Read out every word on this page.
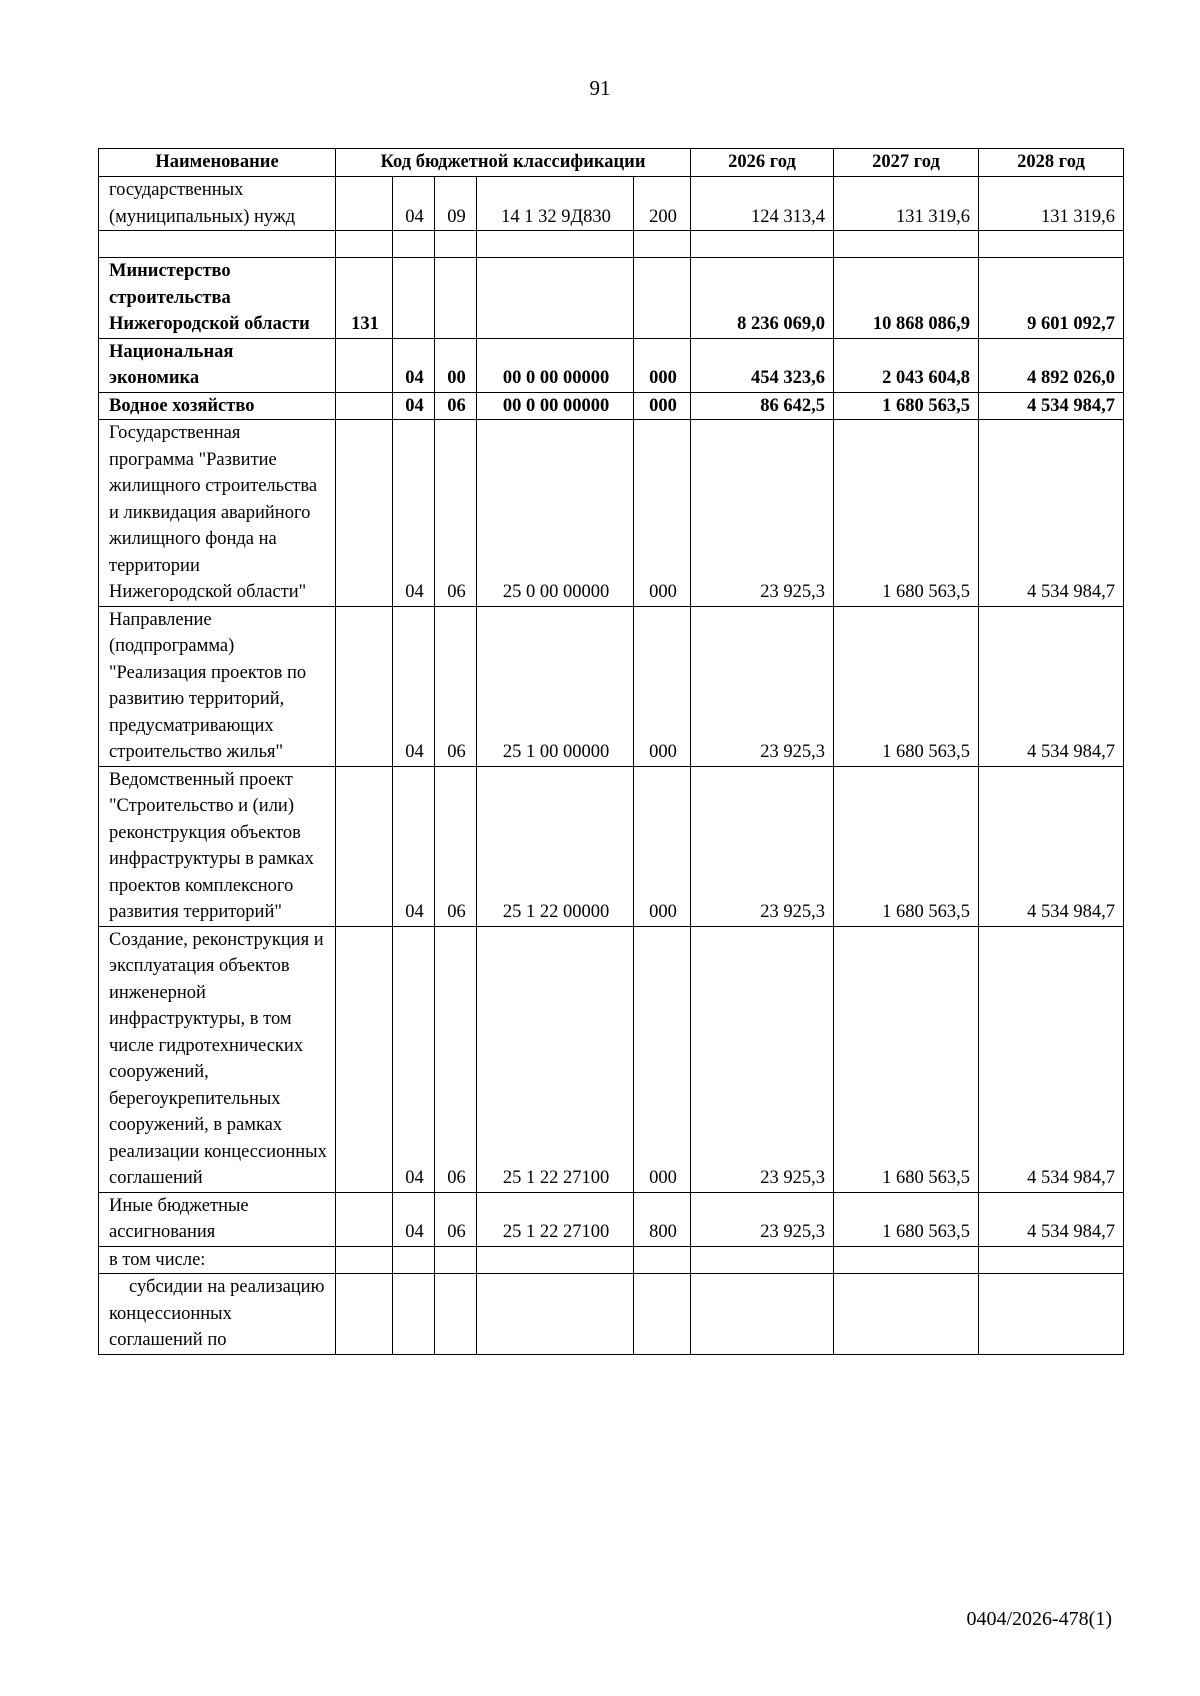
91
Наименование	Код бюджетной классификации					2026 год	2027 год	2028 год
государственных (муниципальных) нужд		04	09	14 1 32 9Д830	200	124 313,4	131 319,6	131 319,6

Министерство строительства Нижегородской области	131					8 236 069,0	10 868 086,9	9 601 092,7
Национальная экономика		04	00	00 0 00 00000	000	454 323,6	2 043 604,8	4 892 026,0
Водное хозяйство		04	06	00 0 00 00000	000	86 642,5	1 680 563,5	4 534 984,7
Государственная программа "Развитие жилищного строительства и ликвидация аварийного жилищного фонда на территории Нижегородской области"		04	06	25 0 00 00000	000	23 925,3	1 680 563,5	4 534 984,7
Направление (подпрограмма) "Реализация проектов по развитию территорий, предусматривающих строительство жилья"		04	06	25 1 00 00000	000	23 925,3	1 680 563,5	4 534 984,7
Ведомственный проект "Строительство и (или) реконструкция объектов инфраструктуры в рамках проектов комплексного развития территорий"		04	06	25 1 22 00000	000	23 925,3	1 680 563,5	4 534 984,7
Создание, реконструкция и эксплуатация объектов инженерной инфраструктуры, в том числе гидротехнических сооружений, берегоукрепительных сооружений, в рамках реализации концессионных соглашений		04	06	25 1 22 27100	000	23 925,3	1 680 563,5	4 534 984,7
Иные бюджетные ассигнования		04	06	25 1 22 27100	800	23 925,3	1 680 563,5	4 534 984,7
в том числе:								
субсидии на реализацию концессионных соглашений по								
0404/2026-478(1)
